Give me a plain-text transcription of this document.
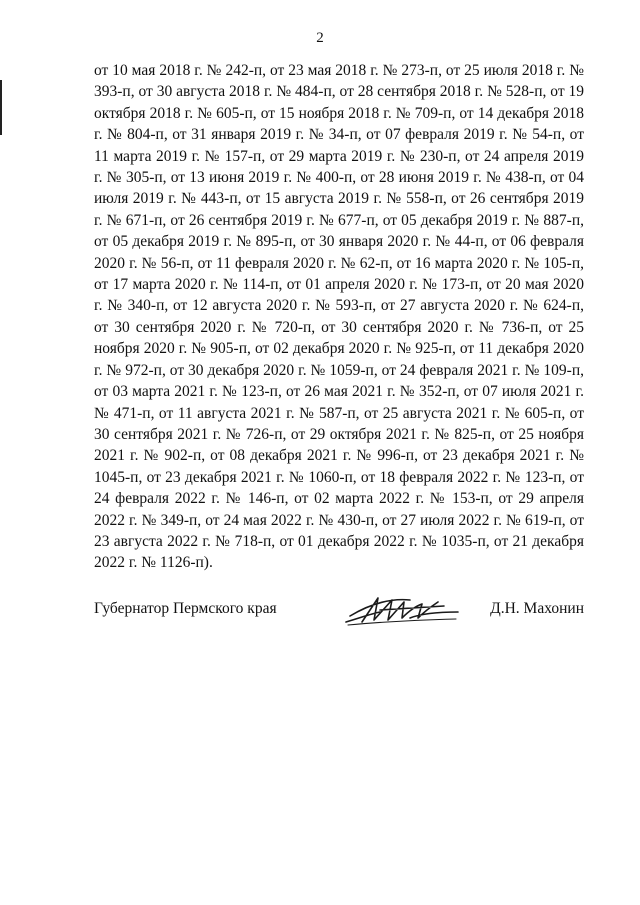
2

от 10 мая 2018 г. № 242-п, от 23 мая 2018 г. № 273-п, от 25 июля 2018 г. № 393-п, от 30 августа 2018 г. № 484-п, от 28 сентября 2018 г. № 528-п, от 19 октября 2018 г. № 605-п, от 15 ноября 2018 г. № 709-п, от 14 декабря 2018 г. № 804-п, от 31 января 2019 г. № 34-п, от 07 февраля 2019 г. № 54-п, от 11 марта 2019 г. № 157-п, от 29 марта 2019 г. № 230-п, от 24 апреля 2019 г. № 305-п, от 13 июня 2019 г. № 400-п, от 28 июня 2019 г. № 438-п, от 04 июля 2019 г. № 443-п, от 15 августа 2019 г. № 558-п, от 26 сентября 2019 г. № 671-п, от 26 сентября 2019 г. № 677-п, от 05 декабря 2019 г. № 887-п, от 05 декабря 2019 г. № 895-п, от 30 января 2020 г. № 44-п, от 06 февраля 2020 г. № 56-п, от 11 февраля 2020 г. № 62-п, от 16 марта 2020 г. № 105-п, от 17 марта 2020 г. № 114-п, от 01 апреля 2020 г. № 173-п, от 20 мая 2020 г. № 340-п, от 12 августа 2020 г. № 593-п, от 27 августа 2020 г. № 624-п, от 30 сентября 2020 г. № 720-п, от 30 сентября 2020 г. № 736-п, от 25 ноября 2020 г. № 905-п, от 02 декабря 2020 г. № 925-п, от 11 декабря 2020 г. № 972-п, от 30 декабря 2020 г. № 1059-п, от 24 февраля 2021 г. № 109-п, от 03 марта 2021 г. № 123-п, от 26 мая 2021 г. № 352-п, от 07 июля 2021 г. № 471-п, от 11 августа 2021 г. № 587-п, от 25 августа 2021 г. № 605-п, от 30 сентября 2021 г. № 726-п, от 29 октября 2021 г. № 825-п, от 25 ноября 2021 г. № 902-п, от 08 декабря 2021 г. № 996-п, от 23 декабря 2021 г. № 1045-п, от 23 декабря 2021 г. № 1060-п, от 18 февраля 2022 г. № 123-п, от 24 февраля 2022 г. № 146-п, от 02 марта 2022 г. № 153-п, от 29 апреля 2022 г. № 349-п, от 24 мая 2022 г. № 430-п, от 27 июля 2022 г. № 619-п, от 23 августа 2022 г. № 718-п, от 01 декабря 2022 г. № 1035-п, от 21 декабря 2022 г. № 1126-п).

Губернатор Пермского края	Д.Н. Махонин
